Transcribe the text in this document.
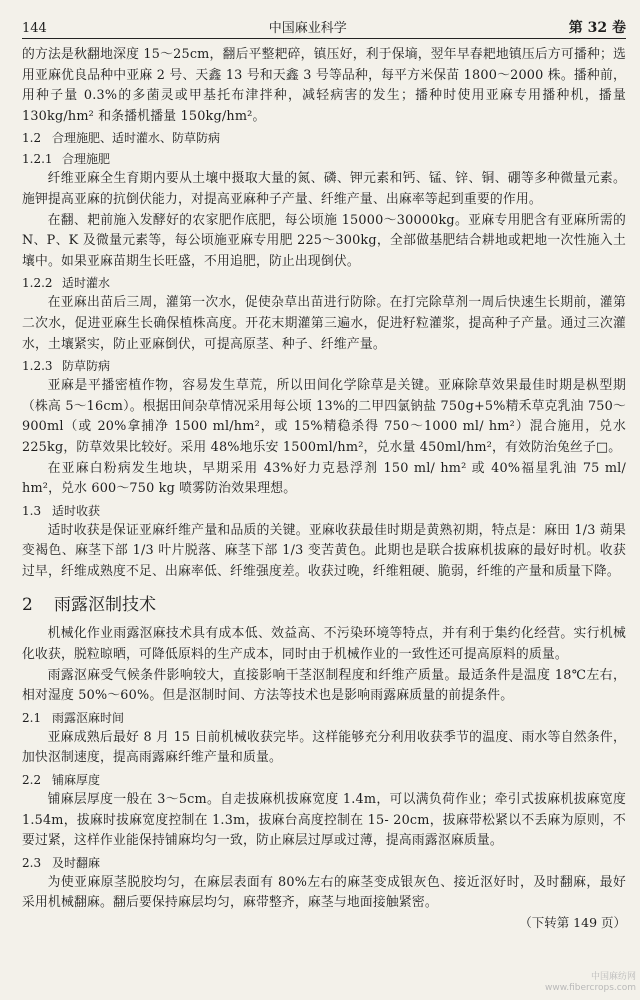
144	中国麻业科学	第 32 卷

的方法是秋翻地深度 15～25cm，翻后平整耙碎，镇压好，利于保墒，翌年早春耙地镇压后方可播种；选用亚麻优良品种中亚麻 2 号、天鑫 13 号和天鑫 3 号等品种，每平方米保苗 1800～2000 株。播种前，用种子量 0.3%的多菌灵或甲基托布津拌种，减轻病害的发生；播种时使用亚麻专用播种机，播量 130kg/hm² 和条播机播量 150kg/hm²。

1.2 合理施肥、适时灌水、防草防病
1.2.1 合理施肥

纤维亚麻全生育期内要从土壤中摄取大量的氮、磷、钾元素和钙、锰、锌、铜、硼等多种微量元素。施钾提高亚麻的抗倒伏能力，对提高亚麻种子产量、纤维产量、出麻率等起到重要的作用。

在翻、耙前施入发酵好的农家肥作底肥，每公顷施 15000～30000kg。亚麻专用肥含有亚麻所需的 N、P、K 及微量元素等，每公顷施亚麻专用肥 225～300kg，全部做基肥结合耕地或耙地一次性施入土壤中。如果亚麻苗期生长旺盛，不用追肥，防止出现倒伏。

1.2.2 适时灌水

在亚麻出苗后三周，灌第一次水，促使杂草出苗进行防除。在打完除草剂一周后快速生长期前，灌第二次水，促进亚麻生长确保植株高度。开花末期灌第三遍水，促进籽粒灌浆，提高种子产量。通过三次灌水，土壤紧实，防止亚麻倒伏，可提高原茎、种子、纤维产量。

1.2.3 防草防病

亚麻是平播密植作物，容易发生草荒，所以田间化学除草是关键。亚麻除草效果最佳时期是枞型期（株高 5～16cm）。根据田间杂草情况采用每公顷 13%的二甲四氯钠盐 750g+5%精禾草克乳油 750～900ml（或 20%拿捕净 1500 ml/hm²，或 15%精稳杀得 750～1000 ml/ hm²）混合施用，兑水 225kg，防草效果比较好。采用 48%地乐安 1500ml/hm²，兑水量 450ml/hm²，有效防治兔丝子□。

在亚麻白粉病发生地块，早期采用 43%好力克悬浮剂 150 ml/ hm² 或 40%福星乳油 75 ml/ hm²，兑水 600～750 kg 喷雾防治效果理想。

1.3 适时收获

适时收获是保证亚麻纤维产量和品质的关键。亚麻收获最佳时期是黄熟初期，特点是：麻田 1/3 蒴果变褐色、麻茎下部 1/3 叶片脱落、麻茎下部 1/3 变苦黄色。此期也是联合拔麻机拔麻的最好时机。收获过早，纤维成熟度不足、出麻率低、纤维强度差。收获过晚，纤维粗硬、脆弱，纤维的产量和质量下降。

2 雨露沤制技术

机械化作业雨露沤麻技术具有成本低、效益高、不污染环境等特点，并有利于集约化经营。实行机械化收获，脱粒晾晒，可降低原料的生产成本，同时由于机械作业的一致性还可提高原料的质量。

雨露沤麻受气候条件影响较大，直接影响干茎沤制程度和纤维产质量。最适条件是温度 18℃左右，相对湿度 50%～60%。但是沤制时间、方法等技术也是影响雨露麻质量的前提条件。

2.1 雨露沤麻时间

亚麻成熟后最好 8 月 15 日前机械收获完毕。这样能够充分利用收获季节的温度、雨水等自然条件，加快沤制速度，提高雨露麻纤维产量和质量。

2.2 铺麻厚度

铺麻层厚度一般在 3～5cm。自走拔麻机拔麻宽度 1.4m，可以满负荷作业；牵引式拔麻机拔麻宽度 1.54m，拔麻时拔麻宽度控制在 1.3m，拔麻台高度控制在 15- 20cm，拔麻带松紧以不丢麻为原则，不要过紧，这样作业能保持铺麻均匀一致，防止麻层过厚或过薄，提高雨露沤麻质量。

2.3 及时翻麻

为使亚麻原茎脱胶均匀，在麻层表面有 80%左右的麻茎变成银灰色、接近沤好时，及时翻麻，最好采用机械翻麻。翻后要保持麻层均匀，麻带整齐，麻茎与地面接触紧密。

（下转第 149 页）
中国麻纺网
www.fibercrops.com
